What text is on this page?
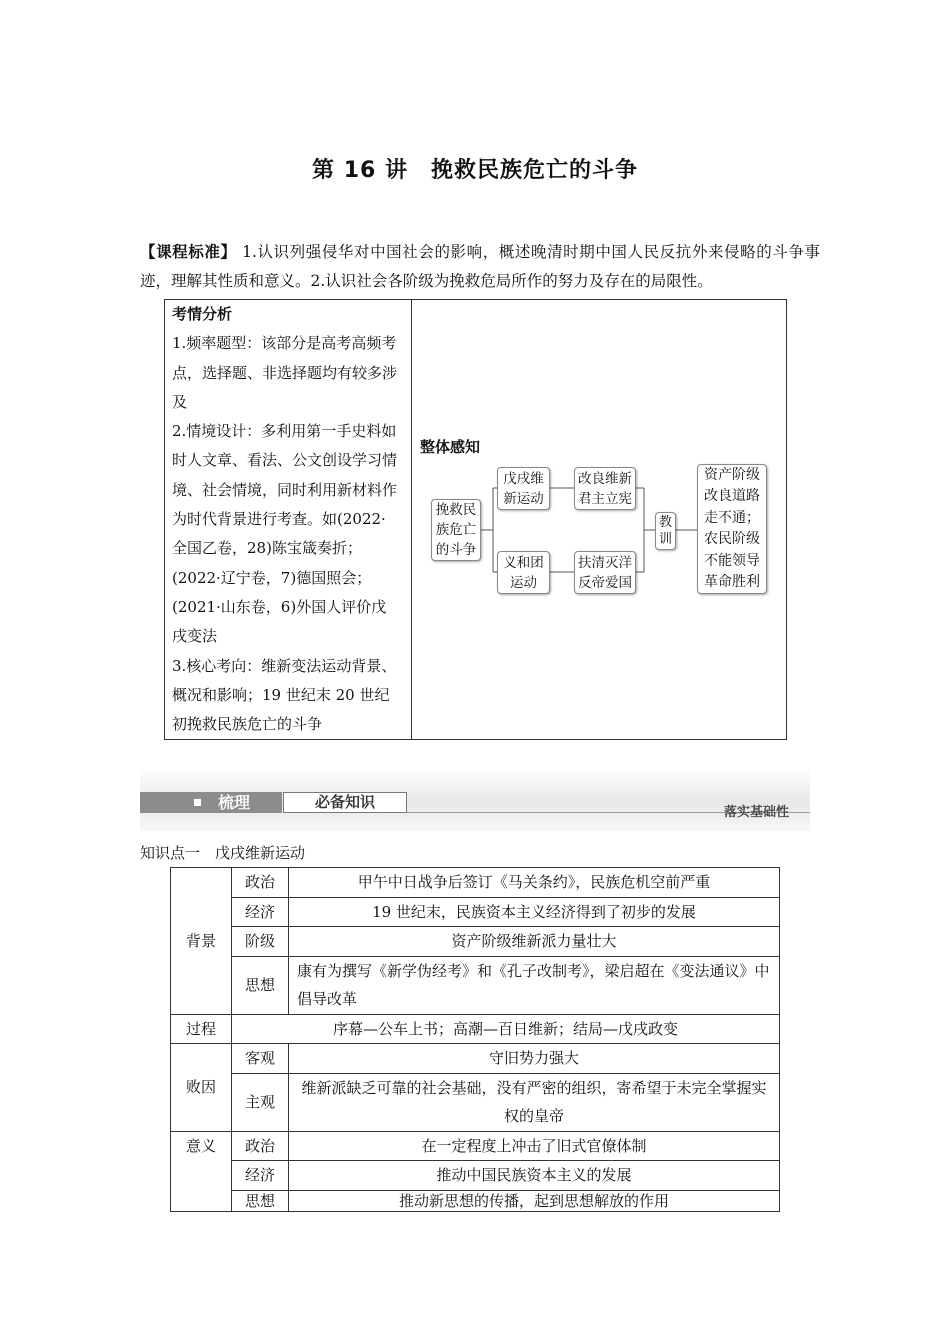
第 16 讲　挽救民族危亡的斗争
【课程标准】 1.认识列强侵华对中国社会的影响，概述晚清时期中国人民反抗外来侵略的斗争事迹，理解其性质和意义。2.认识社会各阶级为挽救危局所作的努力及存在的局限性。
考情分析
1.频率题型：该部分是高考高频考点，选择题、非选择题均有较多涉及
2.情境设计：多利用第一手史料如时人文章、看法、公文创设学习情境、社会情境，同时利用新材料作为时代背景进行考查。如(2022·全国乙卷，28)陈宝箴奏折；(2022·辽宁卷，7)德国照会；(2021·山东卷，6)外国人评价戊戌变法
3.核心考向：维新变法运动背景、概况和影响；19 世纪末 20 世纪初挽救民族危亡的斗争
整体感知
挽救民族危亡的斗争
戊戌维新运动
义和团运动
改良维新君主立宪
扶清灭洋反帝爱国
教训
资产阶级改良道路走不通；农民阶级不能领导革命胜利
梳理	必备知识
落实基础性
知识点一　戊戌维新运动
背景	政治	甲午中日战争后签订《马关条约》，民族危机空前严重
	经济	19 世纪末，民族资本主义经济得到了初步的发展
	阶级	资产阶级维新派力量壮大
	思想	康有为撰写《新学伪经考》和《孔子改制考》，梁启超在《变法通议》中倡导改革

过程	序幕—公车上书；高潮—百日维新；结局—戊戌政变	
败因	客观	守旧势力强大
	主观	维新派缺乏可靠的社会基础，没有严密的组织，寄希望于未完全掌握实权的皇帝
意义	政治	在一定程度上冲击了旧式官僚体制
	经济	推动中国民族资本主义的发展
	思想	推动新思想的传播，起到思想解放的作用
